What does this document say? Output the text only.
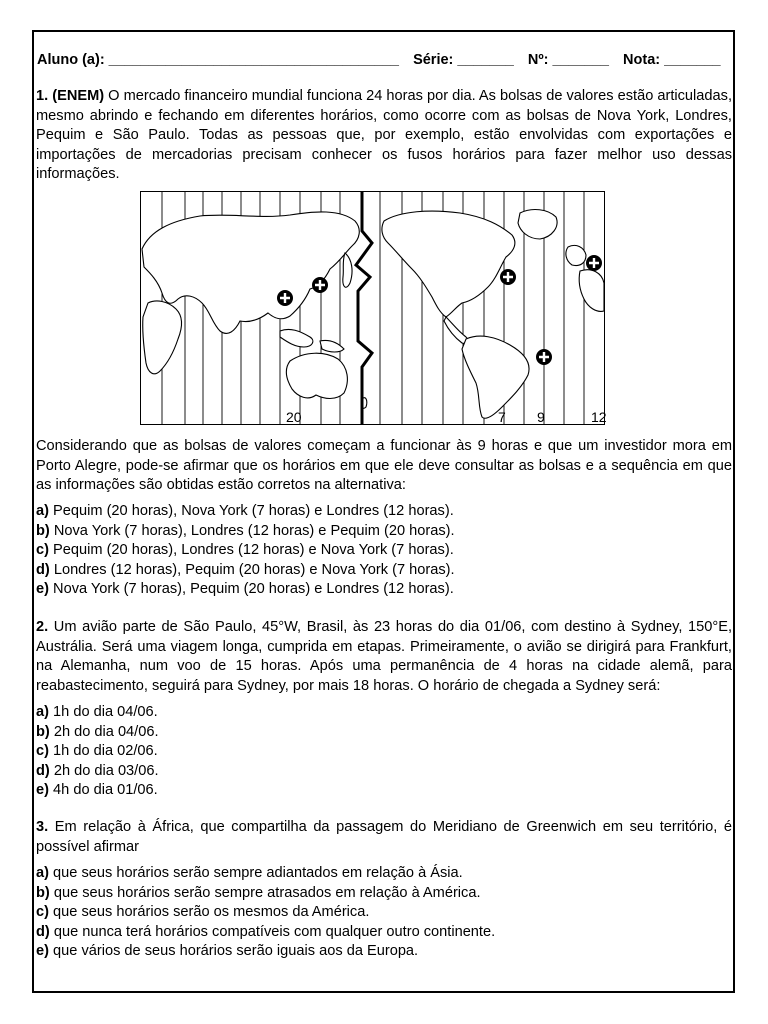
Aluno (a): ____________________________________ Série: _______ Nº: _______ Nota: _______
1. (ENEM) O mercado financeiro mundial funciona 24 horas por dia. As bolsas de valores estão articuladas, mesmo abrindo e fechando em diferentes horários, como ocorre com as bolsas de Nova York, Londres, Pequim e São Paulo. Todas as pessoas que, por exemplo, estão envolvidas com exportações e importações de mercadorias precisam conhecer os fusos horários para fazer melhor uso dessas informações.
20	7 9	12
Considerando que as bolsas de valores começam a funcionar às 9 horas e que um investidor mora em Porto Alegre, pode-se afirmar que os horários em que ele deve consultar as bolsas e a sequência em que as informações são obtidas estão corretos na alternativa:
a) Pequim (20 horas), Nova York (7 horas) e Londres (12 horas).
b) Nova York (7 horas), Londres (12 horas) e Pequim (20 horas).
c) Pequim (20 horas), Londres (12 horas) e Nova York (7 horas).
d) Londres (12 horas), Pequim (20 horas) e Nova York (7 horas).
e) Nova York (7 horas), Pequim (20 horas) e Londres (12 horas).
2. Um avião parte de São Paulo, 45°W, Brasil, às 23 horas do dia 01/06, com destino à Sydney, 150°E, Austrália. Será uma viagem longa, cumprida em etapas. Primeiramente, o avião se dirigirá para Frankfurt, na Alemanha, num voo de 15 horas. Após uma permanência de 4 horas na cidade alemã, para reabastecimento, seguirá para Sydney, por mais 18 horas. O horário de chegada a Sydney será:
a) 1h do dia 04/06.
b) 2h do dia 04/06.
c) 1h do dia 02/06.
d) 2h do dia 03/06.
e) 4h do dia 01/06.
3. Em relação à África, que compartilha da passagem do Meridiano de Greenwich em seu território, é possível afirmar
a) que seus horários serão sempre adiantados em relação à Ásia.
b) que seus horários serão sempre atrasados em relação à América.
c) que seus horários serão os mesmos da América.
d) que nunca terá horários compatíveis com qualquer outro continente.
e) que vários de seus horários serão iguais aos da Europa.
